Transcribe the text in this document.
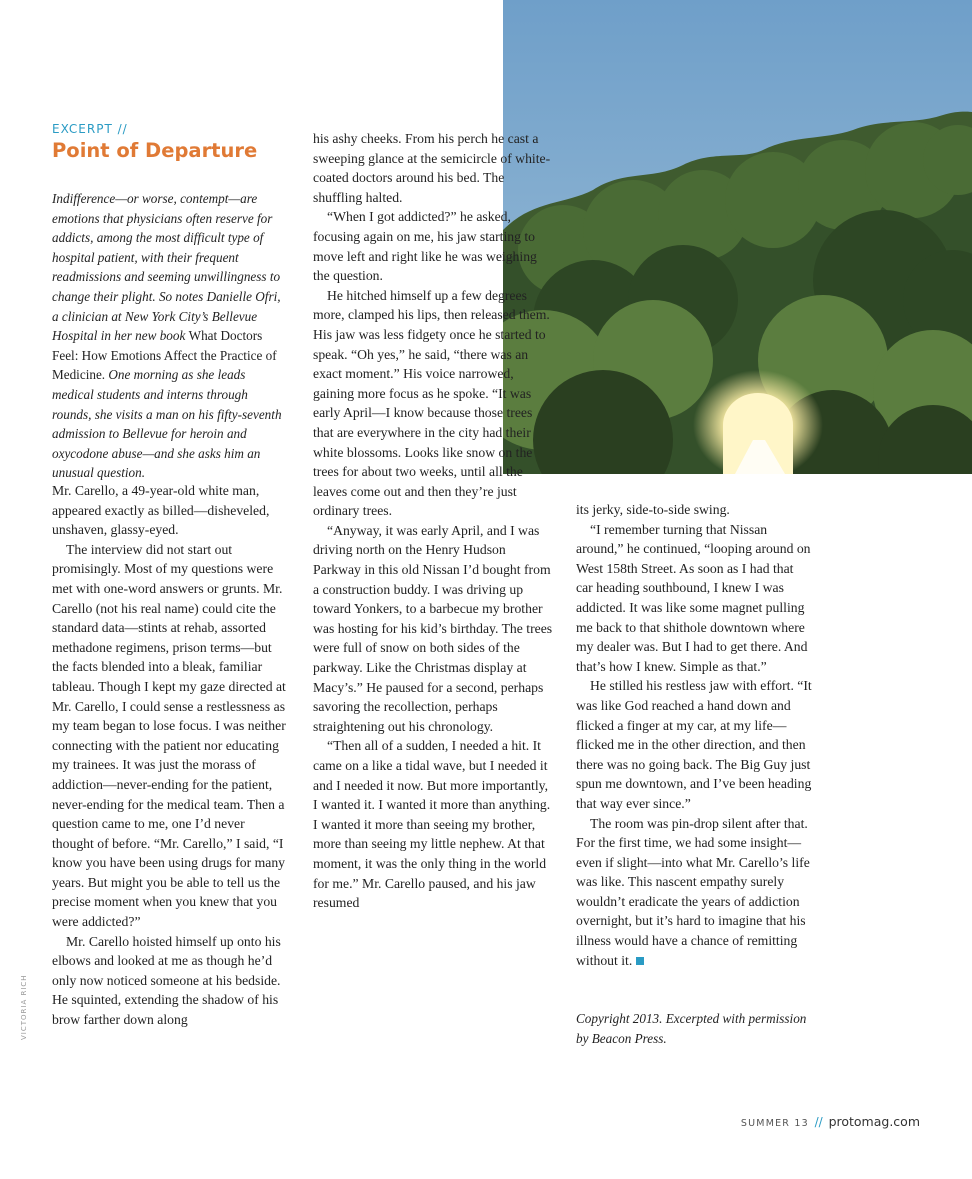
EXCERPT //
Point of Departure
Indifference—or worse, contempt—are emotions that physicians often reserve for addicts, among the most difficult type of hospital patient, with their frequent readmissions and seeming unwillingness to change their plight. So notes Danielle Ofri, a clinician at New York City’s Bellevue Hospital in her new book What Doctors Feel: How Emotions Affect the Practice of Medicine. One morning as she leads medical students and interns through rounds, she visits a man on his fifty-seventh admission to Bellevue for heroin and oxycodone abuse—and she asks him an unusual question.

Mr. Carello, a 49-year-old white man, appeared exactly as billed—disheveled, unshaven, glassy-eyed.

The interview did not start out promisingly. Most of my questions were met with one-word answers or grunts. Mr. Carello (not his real name) could cite the standard data—stints at rehab, assorted methadone regimens, prison terms—but the facts blended into a bleak, familiar tableau. Though I kept my gaze directed at Mr. Carello, I could sense a restlessness as my team began to lose focus. I was neither connecting with the patient nor educating my trainees. It was just the morass of addiction—never-ending for the patient, never-ending for the medical team. Then a question came to me, one I’d never thought of before. “Mr. Carello,” I said, “I know you have been using drugs for many years. But might you be able to tell us the precise moment when you knew that you were addicted?”

Mr. Carello hoisted himself up onto his elbows and looked at me as though he’d only now noticed someone at his bedside. He squinted, extending the shadow of his brow farther down along

his ashy cheeks. From his perch he cast a sweeping glance at the semicircle of white-coated doctors around his bed. The shuffling halted.

“When I got addicted?” he asked, focusing again on me, his jaw starting to move left and right like he was weighing the question.

He hitched himself up a few degrees more, clamped his lips, then released them. His jaw was less fidgety once he started to speak. “Oh yes,” he said, “there was an exact moment.” His voice narrowed, gaining more focus as he spoke. “It was early April—I know because those trees that are everywhere in the city had their white blossoms. Looks like snow on the trees for about two weeks, until all the leaves come out and then they’re just ordinary trees.

“Anyway, it was early April, and I was driving north on the Henry Hudson Parkway in this old Nissan I’d bought from a construction buddy. I was driving up toward Yonkers, to a barbecue my brother was hosting for his kid’s birthday. The trees were full of snow on both sides of the parkway. Like the Christmas display at Macy’s.” He paused for a second, perhaps savoring the recollection, perhaps straightening out his chronology.

“Then all of a sudden, I needed a hit. It came on a like a tidal wave, but I needed it and I needed it now. But more importantly, I wanted it. I wanted it more than anything. I wanted it more than seeing my brother, more than seeing my little nephew. At that moment, it was the only thing in the world for me.” Mr. Carello paused, and his jaw resumed

its jerky, side-to-side swing.

“I remember turning that Nissan around,” he continued, “looping around on West 158th Street. As soon as I had that car heading southbound, I knew I was addicted. It was like some magnet pulling me back to that shithole downtown where my dealer was. But I had to get there. And that’s how I knew. Simple as that.”

He stilled his restless jaw with effort. “It was like God reached a hand down and flicked a finger at my car, at my life—flicked me in the other direction, and then there was no going back. The Big Guy just spun me downtown, and I’ve been heading that way ever since.”

The room was pin-drop silent after that. For the first time, we had some insight—even if slight—into what Mr. Carello’s life was like. This nascent empathy surely wouldn’t eradicate the years of addiction overnight, but it’s hard to imagine that his illness would have a chance of remitting without it.

Copyright 2013. Excerpted with permission by Beacon Press.
VICTORIA RICH
SUMMER 13 // protomag.com
